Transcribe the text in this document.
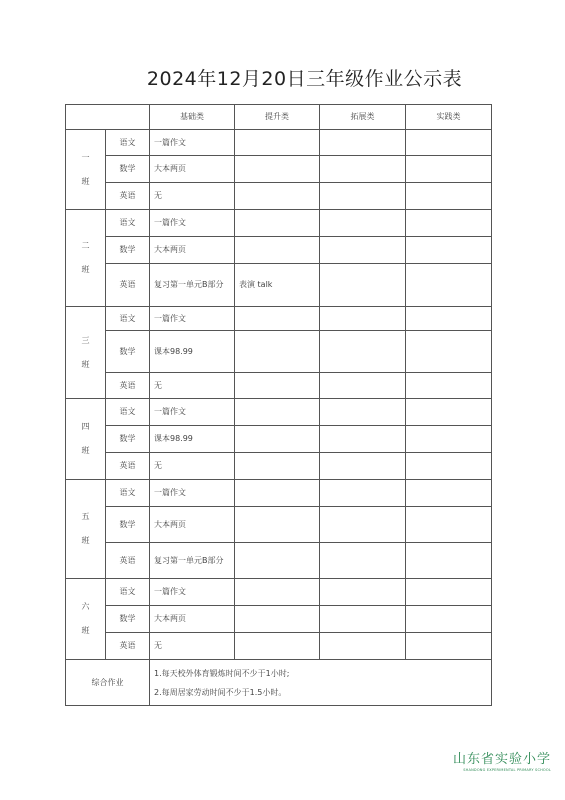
2024年12月20日三年级作业公示表
		基础类	提升类	拓展类	实践类

一
班	语文	一篇作文			
	数学	大本两页			
	英语	无			

二
班	语文	一篇作文			
	数学	大本两页			
	英语	复习第一单元B部分	表演 talk		

三
班	语文	一篇作文			
	数学	课本98.99			
	英语	无			

四
班	语文	一篇作文			
	数学	课本98.99			
	英语	无			

五
班	语文	一篇作文			
	数学	大本两页			
	英语	复习第一单元B部分			

六
班	语文	一篇作文			
	数学	大本两页			
	英语	无			
综合作业		1.每天校外体育锻炼时间不少于1小时;
2.每周居家劳动时间不少于1.5小时。			
山东省实验小学
SHANDONG EXPERIMENTAL PRIMARY SCHOOL
